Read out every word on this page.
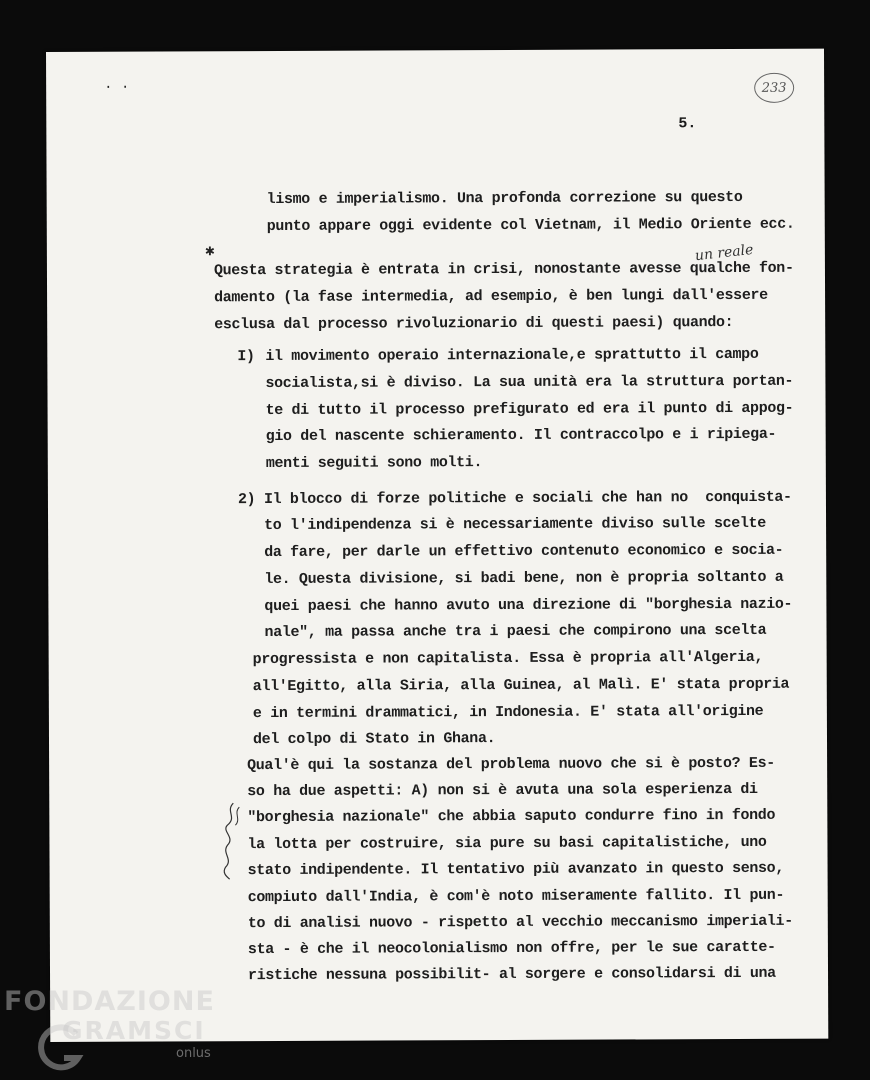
· ·	233
5.
✱	un reale
lismo e imperialismo. Una profonda correzione su questo
punto appare oggi evidente col Vietnam, il Medio Oriente ecc.
Questa strategia è entrata in crisi, nonostante avesse qualche fon-
damento (la fase intermedia, ad esempio, è ben lungi dall'essere
esclusa dal processo rivoluzionario di questi paesi) quando:
I) il movimento operaio internazionale,e sprattutto il campo
socialista,si è diviso. La sua unità era la struttura portan-
te di tutto il processo prefigurato ed era il punto di appog-
gio del nascente schieramento. Il contraccolpo e i ripiega-
menti seguiti sono molti.
2) Il blocco di forze politiche e sociali che han no  conquista-
to l'indipendenza si è necessariamente diviso sulle scelte
da fare, per darle un effettivo contenuto economico e socia-
le. Questa divisione, si badi bene, non è propria soltanto a
quei paesi che hanno avuto una direzione di "borghesia nazio-
nale", ma passa anche tra i paesi che compirono una scelta
progressista e non capitalista. Essa è propria all'Algeria,
all'Egitto, alla Siria, alla Guinea, al Malì. E' stata propria
e in termini drammatici, in Indonesia. E' stata all'origine
del colpo di Stato in Ghana.
Qual'è qui la sostanza del problema nuovo che si è posto? Es-
so ha due aspetti: A) non si è avuta una sola esperienza di
"borghesia nazionale" che abbia saputo condurre fino in fondo
la lotta per costruire, sia pure su basi capitalistiche, uno
stato indipendente. Il tentativo più avanzato in questo senso,
compiuto dall'India, è com'è noto miseramente fallito. Il pun-
to di analisi nuovo - rispetto al vecchio meccanismo imperiali-
sta - è che il neocolonialismo non offre, per le sue caratte-
ristiche nessuna possibilit- al sorgere e consolidarsi di una
FONDAZIONE
GRAMSCI
onlus
